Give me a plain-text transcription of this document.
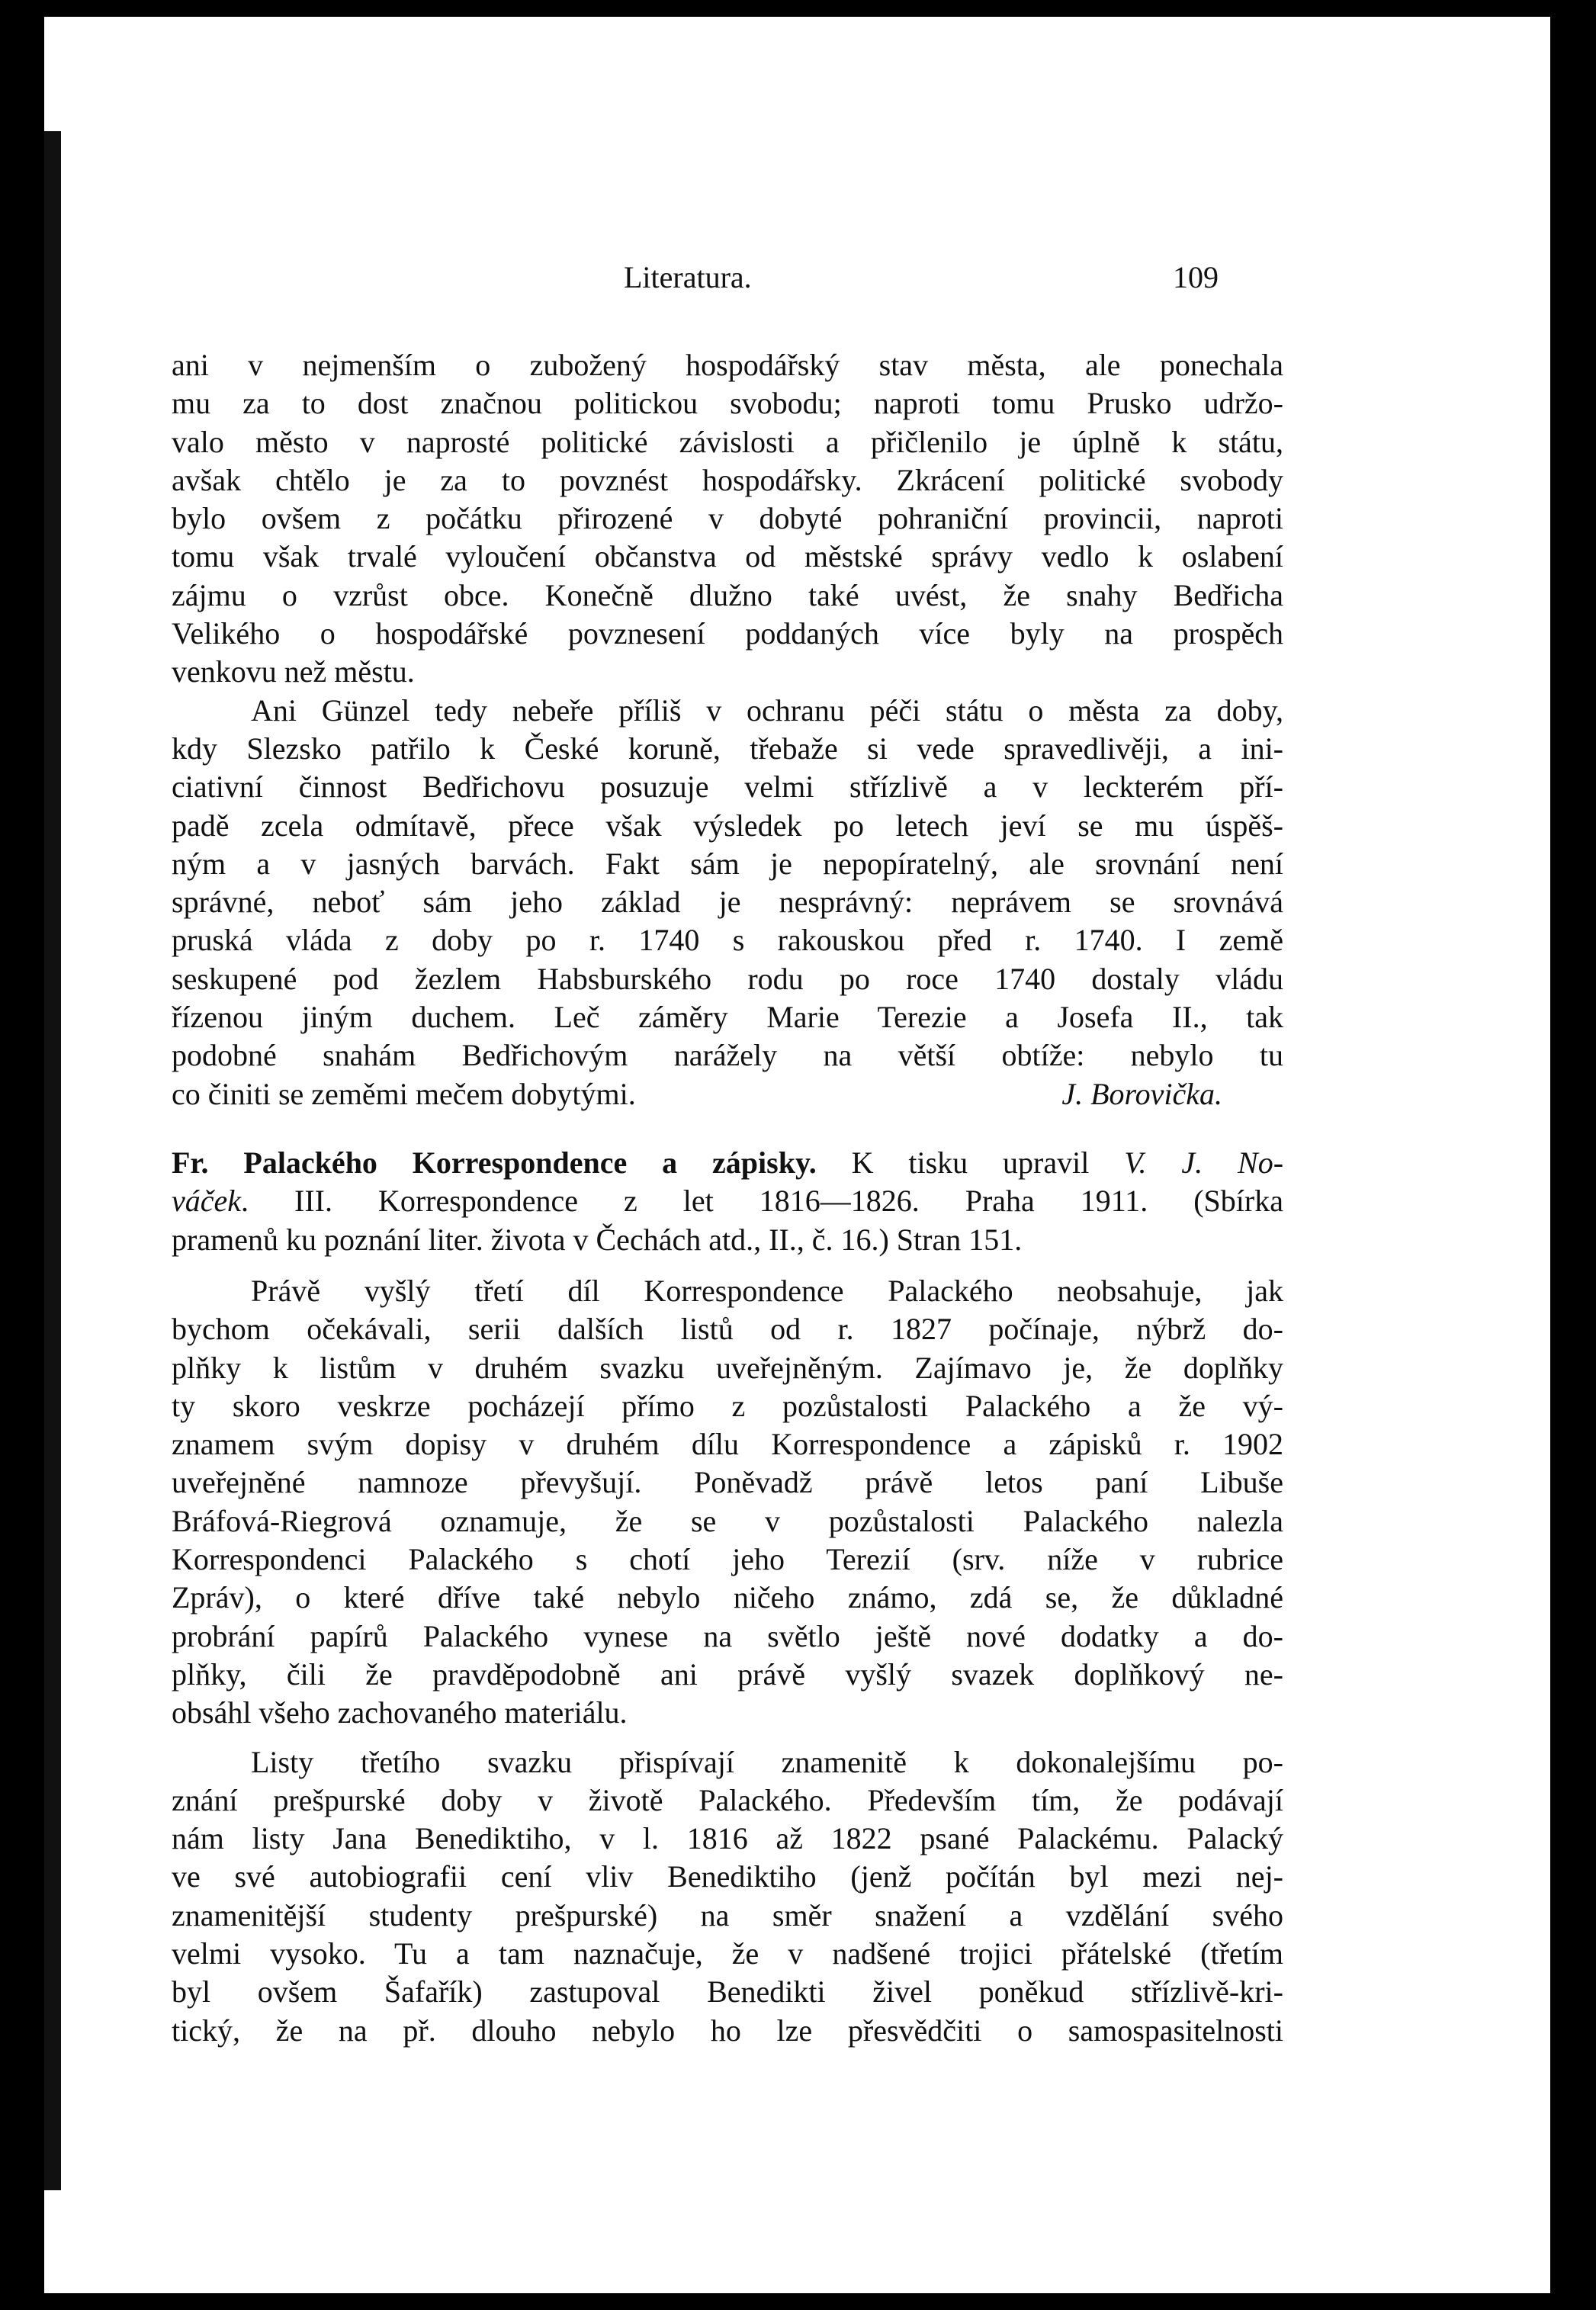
Literatura.	109
ani v nejmenším o zubožený hospodářský stav města, ale ponechala
mu za to dost značnou politickou svobodu; naproti tomu Prusko udržo-
valo město v naprosté politické závislosti a přičlenilo je úplně k státu,
avšak chtělo je za to povznést hospodářsky. Zkrácení politické svobody
bylo ovšem z počátku přirozené v dobyté pohraniční provincii, naproti
tomu však trvalé vyloučení občanstva od městské správy vedlo k oslabení
zájmu o vzrůst obce. Konečně dlužno také uvést, že snahy Bedřicha
Velikého o hospodářské povznesení poddaných více byly na prospěch
venkovu než městu.
Ani Günzel tedy nebeře příliš v ochranu péči státu o města za doby,
kdy Slezsko patřilo k České koruně, třebaže si vede spravedlivěji, a ini-
ciativní činnost Bedřichovu posuzuje velmi střízlivě a v leckterém pří-
padě zcela odmítavě, přece však výsledek po letech jeví se mu úspěš-
ným a v jasných barvách. Fakt sám je nepopíratelný, ale srovnání není
správné, neboť sám jeho základ je nesprávný: neprávem se srovnává
pruská vláda z doby po r. 1740 s rakouskou před r. 1740. I země
seskupené pod žezlem Habsburského rodu po roce 1740 dostaly vládu
řízenou jiným duchem. Leč záměry Marie Terezie a Josefa II., tak
podobné snahám Bedřichovým narážely na větší obtíže: nebylo tu
co činiti se zeměmi mečem dobytými.	J. Borovička.
Fr. Palackého Korrespondence a zápisky. K tisku upravil V. J. No-
váček. III. Korrespondence z let 1816—1826. Praha 1911. (Sbírka
pramenů ku poznání liter. života v Čechách atd., II., č. 16.) Stran 151.
Právě vyšlý třetí díl Korrespondence Palackého neobsahuje, jak
bychom očekávali, serii dalších listů od r. 1827 počínaje, nýbrž do-
plňky k listům v druhém svazku uveřejněným. Zajímavo je, že doplňky
ty skoro veskrze pocházejí přímo z pozůstalosti Palackého a že vý-
znamem svým dopisy v druhém dílu Korrespondence a zápisků r. 1902
uveřejněné namnoze převyšují. Poněvadž právě letos paní Libuše
Bráfová-Riegrová oznamuje, že se v pozůstalosti Palackého nalezla
Korrespondenci Palackého s chotí jeho Terezií (srv. níže v rubrice
Zpráv), o které dříve také nebylo ničeho známo, zdá se, že důkladné
probrání papírů Palackého vynese na světlo ještě nové dodatky a do-
plňky, čili že pravděpodobně ani právě vyšlý svazek doplňkový ne-
obsáhl všeho zachovaného materiálu.
Listy třetího svazku přispívají znamenitě k dokonalejšímu po-
znání prešpurské doby v životě Palackého. Především tím, že podávají
nám listy Jana Benediktiho, v l. 1816 až 1822 psané Palackému. Palacký
ve své autobiografii cení vliv Benediktiho (jenž počítán byl mezi nej-
znamenitější studenty prešpurské) na směr snažení a vzdělání svého
velmi vysoko. Tu a tam naznačuje, že v nadšené trojici přátelské (třetím
byl ovšem Šafařík) zastupoval Benedikti živel poněkud střízlivě-kri-
tický, že na př. dlouho nebylo ho lze přesvědčiti o samospasitelnosti
